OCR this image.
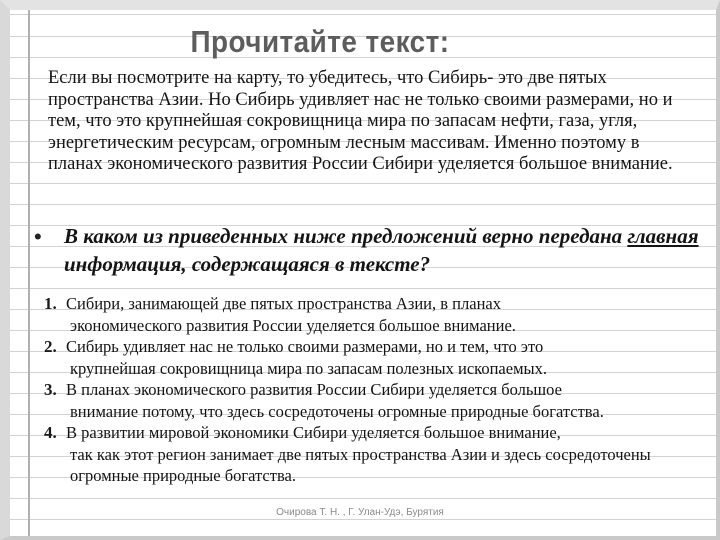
Прочитайте текст:

Если вы посмотрите на карту, то убедитесь, что Сибирь- это две пятых пространства Азии. Но Сибирь удивляет нас не только своими размерами, но и тем, что это крупнейшая сокровищница мира по запасам нефти, газа, угля, энергетическим ресурсам, огромным лесным массивам. Именно поэтому в планах экономического развития России Сибири уделяется большое внимание.

• В каком из приведенных ниже предложений верно передана главная информация, содержащаяся в тексте?
1. Сибири, занимающей две пятых пространства Азии, в планах
экономического развития России уделяется большое внимание.
2. Сибирь удивляет нас не только своими размерами, но и тем, что это
крупнейшая сокровищница мира по запасам полезных ископаемых.
3. В планах экономического развития России Сибири уделяется большое
внимание потому, что здесь сосредоточены огромные природные богатства.
4. В развитии мировой экономики Сибири уделяется большое внимание,
так как этот регион занимает две пятых пространства Азии и здесь сосредоточены огромные природные богатства.
Очирова Т. Н. , Г. Улан-Удэ, Бурятия
